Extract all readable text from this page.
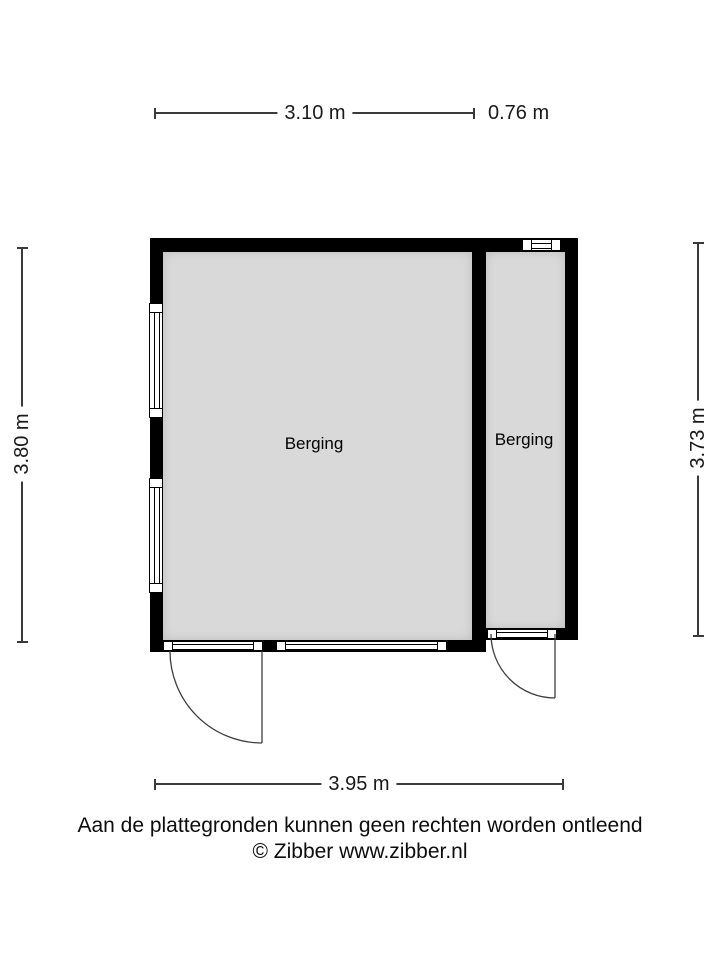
3.10 m	0.76 m
3.80 m	3.73 m
Berging	Berging
3.95 m
Aan de plattegronden kunnen geen rechten worden ontleend
© Zibber www.zibber.nl
